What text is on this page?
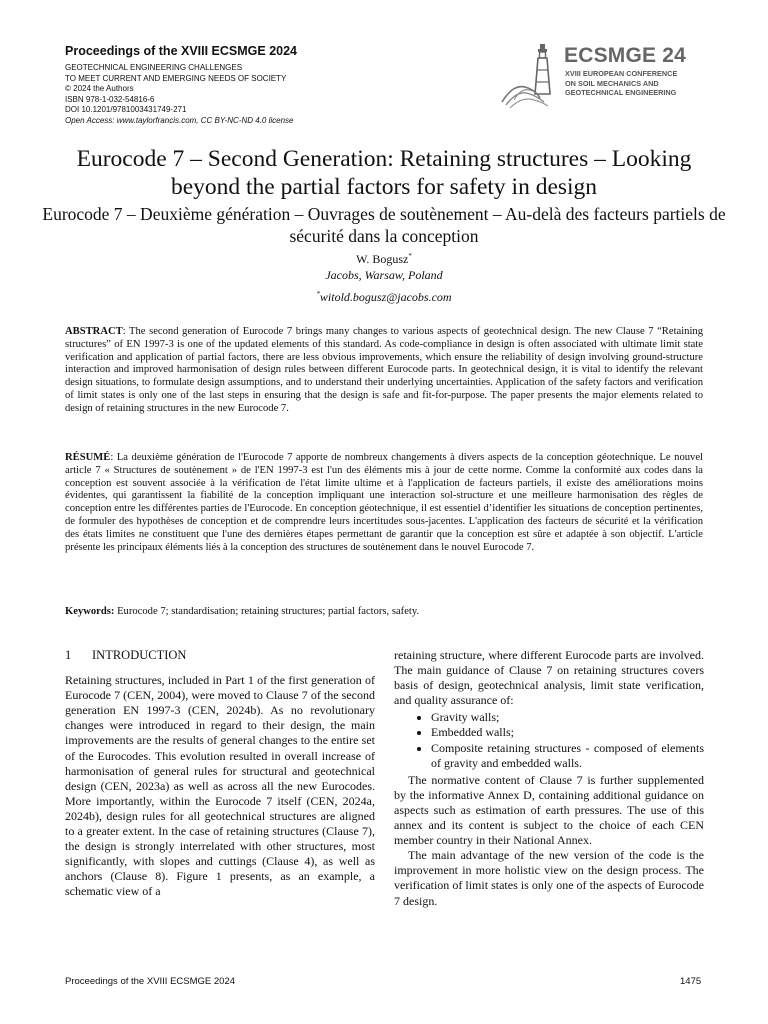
Proceedings of the XVIII ECSMGE 2024
GEOTECHNICAL ENGINEERING CHALLENGES
TO MEET CURRENT AND EMERGING NEEDS OF SOCIETY
© 2024 the Authors
ISBN 978-1-032-54816-6
DOI 10.1201/9781003431749-271
Open Access: www.taylorfrancis.com, CC BY-NC-ND 4.0 license
ECSMGE 24
XVIII EUROPEAN CONFERENCE
ON SOIL MECHANICS AND
GEOTECHNICAL ENGINEERING
Eurocode 7 – Second Generation: Retaining structures – Looking beyond the partial factors for safety in design
Eurocode 7 – Deuxième génération – Ouvrages de soutènement – Au-delà des facteurs partiels de sécurité dans la conception
W. Bogusz*
Jacobs, Warsaw, Poland
*witold.bogusz@jacobs.com
ABSTRACT: The second generation of Eurocode 7 brings many changes to various aspects of geotechnical design. The new Clause 7 “Retaining structures” of EN 1997-3 is one of the updated elements of this standard. As code-compliance in design is often associated with ultimate limit state verification and application of partial factors, there are less obvious improvements, which ensure the reliability of design involving ground-structure interaction and improved harmonisation of design rules between different Eurocode parts. In geotechnical design, it is vital to identify the relevant design situations, to formulate design assumptions, and to understand their underlying uncertainties. Application of the safety factors and verification of limit states is only one of the last steps in ensuring that the design is safe and fit-for-purpose. The paper presents the major elements related to design of retaining structures in the new Eurocode 7.
RÉSUMÉ: La deuxième génération de l'Eurocode 7 apporte de nombreux changements à divers aspects de la conception géotechnique. Le nouvel article 7 « Structures de soutènement » de l'EN 1997-3 est l'un des éléments mis à jour de cette norme. Comme la conformité aux codes dans la conception est souvent associée à la vérification de l'état limite ultime et à l'application de facteurs partiels, il existe des améliorations moins évidentes, qui garantissent la fiabilité de la conception impliquant une interaction sol-structure et une meilleure harmonisation des règles de conception entre les différentes parties de l'Eurocode. En conception géotechnique, il est essentiel d’identifier les situations de conception pertinentes, de formuler des hypothèses de conception et de comprendre leurs incertitudes sous-jacentes. L'application des facteurs de sécurité et la vérification des états limites ne constituent que l'une des dernières étapes permettant de garantir que la conception est sûre et adaptée à son objectif. L'article présente les principaux éléments liés à la conception des structures de soutènement dans le nouvel Eurocode 7.
Keywords: Eurocode 7; standardisation; retaining structures; partial factors, safety.
1 INTRODUCTION
Retaining structures, included in Part 1 of the first generation of Eurocode 7 (CEN, 2004), were moved to Clause 7 of the second generation EN 1997-3 (CEN, 2024b). As no revolutionary changes were introduced in regard to their design, the main improvements are the results of general changes to the entire set of the Eurocodes. This evolution resulted in overall increase of harmonisation of general rules for structural and geotechnical design (CEN, 2023a) as well as across all the new Eurocodes. More importantly, within the Eurocode 7 itself (CEN, 2024a, 2024b), design rules for all geotechnical structures are aligned to a greater extent. In the case of retaining structures (Clause 7), the design is strongly interrelated with other structures, most significantly, with slopes and cuttings (Clause 4), as well as anchors (Clause 8). Figure 1 presents, as an example, a schematic view of a
retaining structure, where different Eurocode parts are involved. The main guidance of Clause 7 on retaining structures covers basis of design, geotechnical analysis, limit state verification, and quality assurance of:
• Gravity walls;
• Embedded walls;
• Composite retaining structures - composed of elements of gravity and embedded walls.
The normative content of Clause 7 is further supplemented by the informative Annex D, containing additional guidance on aspects such as estimation of earth pressures. The use of this annex and its content is subject to the choice of each CEN member country in their National Annex.
The main advantage of the new version of the code is the improvement in more holistic view on the design process. The verification of limit states is only one of the aspects of Eurocode 7 design.
Proceedings of the XVIII ECSMGE 2024	1475
